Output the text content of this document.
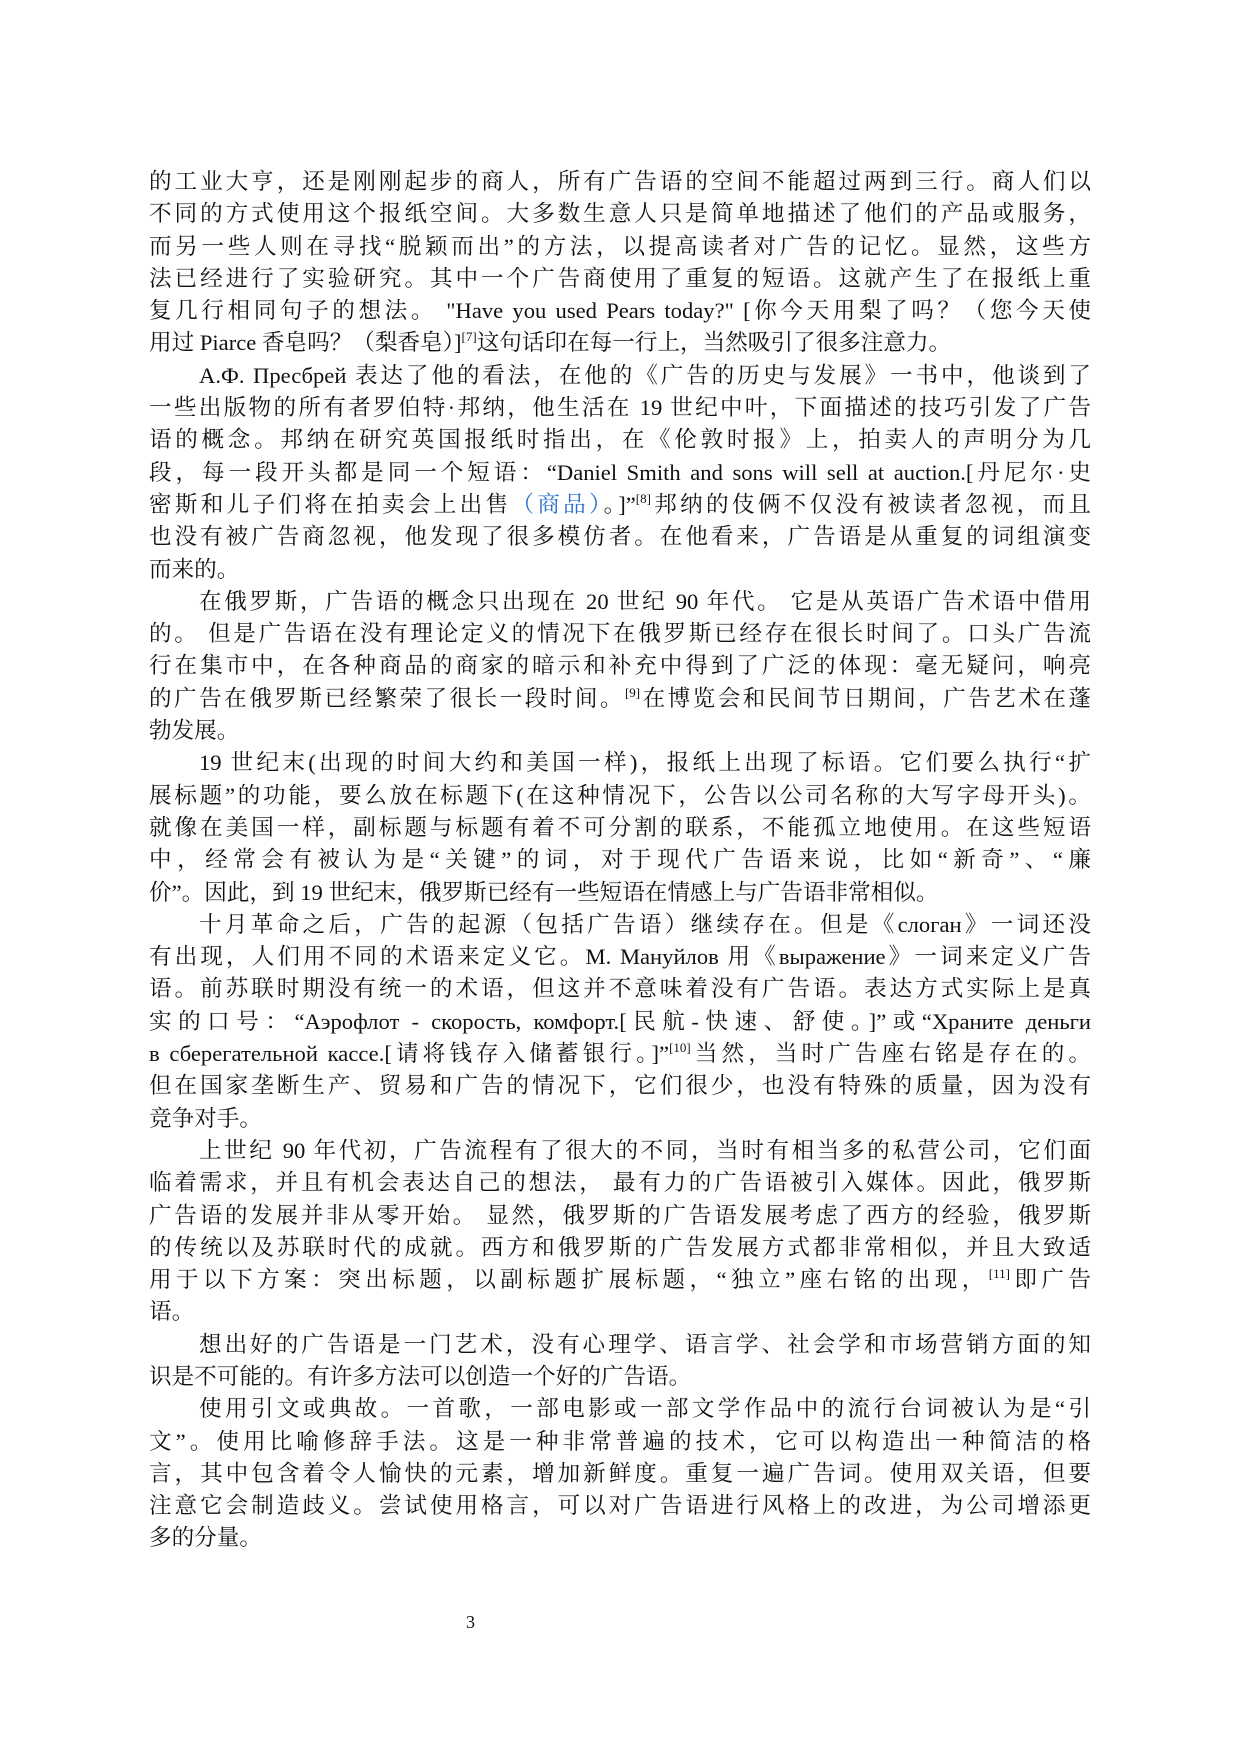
的工业大亨，还是刚刚起步的商人，所有广告语的空间不能超过两到三行。商人们以
不同的方式使用这个报纸空间。大多数生意人只是简单地描述了他们的产品或服务，
而另一些人则在寻找“脱颖而出”的方法，以提高读者对广告的记忆。显然，这些方
法已经进行了实验研究。其中一个广告商使用了重复的短语。这就产生了在报纸上重
复几行相同句子的想法。 "Have you used Pears today?" [你今天用梨了吗？（您今天使
用过 Piarce 香皂吗？（梨香皂）][7]这句话印在每一行上，当然吸引了很多注意力。
А.Ф. Пресбрей 表达了他的看法，在他的《广告的历史与发展》一书中，他谈到了
一些出版物的所有者罗伯特·邦纳，他生活在 19 世纪中叶，下面描述的技巧引发了广告
语的概念。邦纳在研究英国报纸时指出，在《伦敦时报》上，拍卖人的声明分为几
段，每一段开头都是同一个短语：“Daniel Smith and sons will sell at auction.[丹尼尔·史
密斯和儿子们将在拍卖会上出售（商品）。]”[8]邦纳的伎俩不仅没有被读者忽视，而且
也没有被广告商忽视，他发现了很多模仿者。在他看来，广告语是从重复的词组演变
而来的。
在俄罗斯，广告语的概念只出现在 20 世纪 90 年代。 它是从英语广告术语中借用
的。 但是广告语在没有理论定义的情况下在俄罗斯已经存在很长时间了。口头广告流
行在集市中，在各种商品的商家的暗示和补充中得到了广泛的体现：毫无疑问，响亮
的广告在俄罗斯已经繁荣了很长一段时间。[9]在博览会和民间节日期间，广告艺术在蓬
勃发展。
19 世纪末(出现的时间大约和美国一样)，报纸上出现了标语。它们要么执行“扩
展标题”的功能，要么放在标题下(在这种情况下，公告以公司名称的大写字母开头)。
就像在美国一样，副标题与标题有着不可分割的联系，不能孤立地使用。在这些短语
中，经常会有被认为是“关键”的词，对于现代广告语来说，比如“新奇”、“廉
价”。因此，到 19 世纪末，俄罗斯已经有一些短语在情感上与广告语非常相似。
十月革命之后，广告的起源（包括广告语）继续存在。但是《слоган》一词还没
有出现，人们用不同的术语来定义它。M. Мануйлов 用《выражение》一词来定义广告
语。前苏联时期没有统一的术语，但这并不意味着没有广告语。表达方式实际上是真
实的口号：“Аэрофлот - скорость, комфорт.[民航-快速、舒使。]”或“Храните деньги
в сберегательной кассе.[请将钱存入储蓄银行。]”[10]当然，当时广告座右铭是存在的。
但在国家垄断生产、贸易和广告的情况下，它们很少，也没有特殊的质量，因为没有
竞争对手。
上世纪 90 年代初，广告流程有了很大的不同，当时有相当多的私营公司，它们面
临着需求，并且有机会表达自己的想法， 最有力的广告语被引入媒体。因此，俄罗斯
广告语的发展并非从零开始。 显然，俄罗斯的广告语发展考虑了西方的经验，俄罗斯
的传统以及苏联时代的成就。西方和俄罗斯的广告发展方式都非常相似，并且大致适
用于以下方案：突出标题，以副标题扩展标题，“独立”座右铭的出现，[11]即广告
语。
想出好的广告语是一门艺术，没有心理学、语言学、社会学和市场营销方面的知
识是不可能的。有许多方法可以创造一个好的广告语。
使用引文或典故。一首歌，一部电影或一部文学作品中的流行台词被认为是“引
文”。使用比喻修辞手法。这是一种非常普遍的技术，它可以构造出一种简洁的格
言，其中包含着令人愉快的元素，增加新鲜度。重复一遍广告词。使用双关语，但要
注意它会制造歧义。尝试使用格言，可以对广告语进行风格上的改进，为公司增添更
多的分量。
3
